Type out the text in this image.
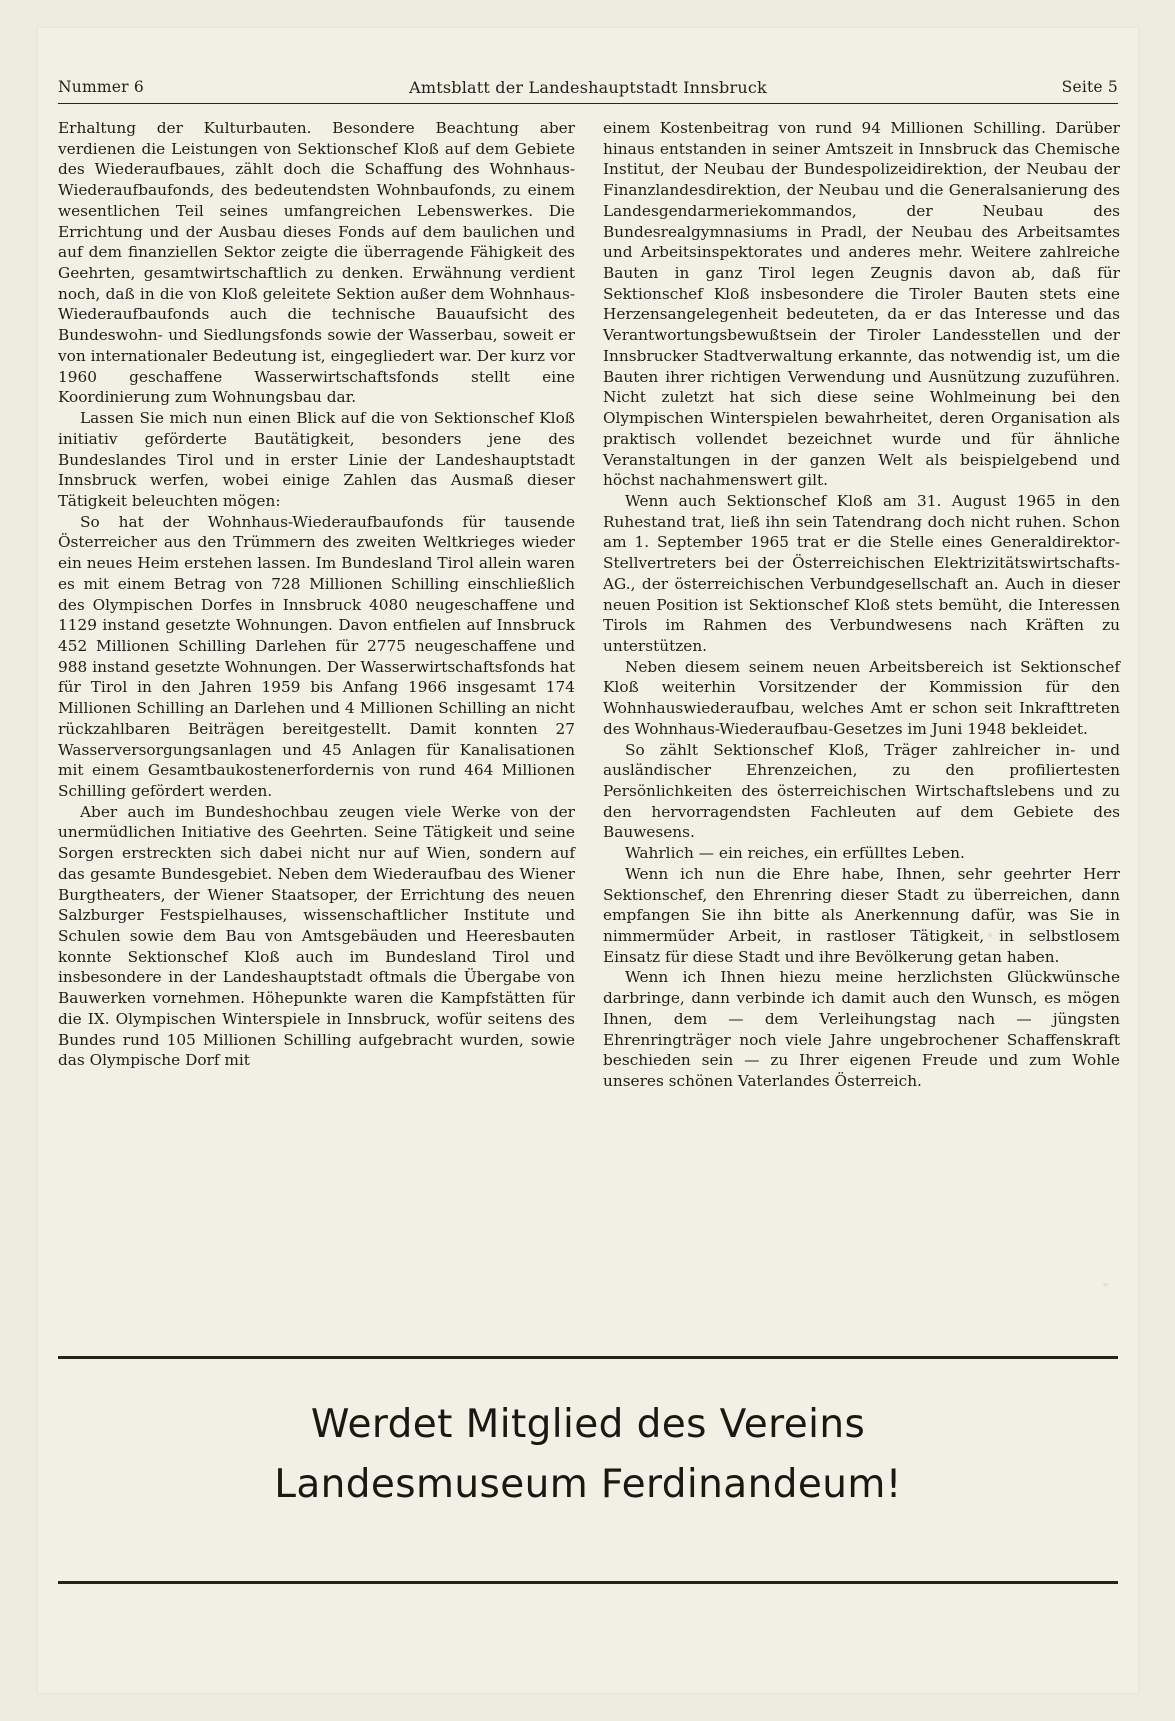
Nummer 6	Amtsblatt der Landeshauptstadt Innsbruck	Seite 5

Erhaltung der Kulturbauten. Besondere Beachtung aber verdienen die Leistungen von Sektionschef Kloß auf dem Gebiete des Wiederaufbaues, zählt doch die Schaffung des Wohnhaus-Wiederaufbaufonds, des bedeutendsten Wohnbaufonds, zu einem wesentlichen Teil seines umfangreichen Lebenswerkes. Die Errichtung und der Ausbau dieses Fonds auf dem baulichen und auf dem finanziellen Sektor zeigte die überragende Fähigkeit des Geehrten, gesamtwirtschaftlich zu denken. Erwähnung verdient noch, daß in die von Kloß geleitete Sektion außer dem Wohnhaus-Wiederaufbaufonds auch die technische Bauaufsicht des Bundeswohn- und Siedlungsfonds sowie der Wasserbau, soweit er von internationaler Bedeutung ist, eingegliedert war. Der kurz vor 1960 geschaffene Wasserwirtschaftsfonds stellt eine Koordinierung zum Wohnungsbau dar.

Lassen Sie mich nun einen Blick auf die von Sektionschef Kloß initiativ geförderte Bautätigkeit, besonders jene des Bundeslandes Tirol und in erster Linie der Landeshauptstadt Innsbruck werfen, wobei einige Zahlen das Ausmaß dieser Tätigkeit beleuchten mögen:

So hat der Wohnhaus-Wiederaufbaufonds für tausende Österreicher aus den Trümmern des zweiten Weltkrieges wieder ein neues Heim erstehen lassen. Im Bundesland Tirol allein waren es mit einem Betrag von 728 Millionen Schilling einschließlich des Olympischen Dorfes in Innsbruck 4080 neugeschaffene und 1129 instand gesetzte Wohnungen. Davon entfielen auf Innsbruck 452 Millionen Schilling Darlehen für 2775 neugeschaffene und 988 instand gesetzte Wohnungen. Der Wasserwirtschaftsfonds hat für Tirol in den Jahren 1959 bis Anfang 1966 insgesamt 174 Millionen Schilling an Darlehen und 4 Millionen Schilling an nicht rückzahlbaren Beiträgen bereitgestellt. Damit konnten 27 Wasserversorgungsanlagen und 45 Anlagen für Kanalisationen mit einem Gesamtbaukostenerfordernis von rund 464 Millionen Schilling gefördert werden.

Aber auch im Bundeshochbau zeugen viele Werke von der unermüdlichen Initiative des Geehrten. Seine Tätigkeit und seine Sorgen erstreckten sich dabei nicht nur auf Wien, sondern auf das gesamte Bundesgebiet. Neben dem Wiederaufbau des Wiener Burgtheaters, der Wiener Staatsoper, der Errichtung des neuen Salzburger Festspielhauses, wissenschaftlicher Institute und Schulen sowie dem Bau von Amtsgebäuden und Heeresbauten konnte Sektionschef Kloß auch im Bundesland Tirol und insbesondere in der Landeshauptstadt oftmals die Übergabe von Bauwerken vornehmen. Höhepunkte waren die Kampfstätten für die IX. Olympischen Winterspiele in Innsbruck, wofür seitens des Bundes rund 105 Millionen Schilling aufgebracht wurden, sowie das Olympische Dorf mit

einem Kostenbeitrag von rund 94 Millionen Schilling. Darüber hinaus entstanden in seiner Amtszeit in Innsbruck das Chemische Institut, der Neubau der Bundespolizeidirektion, der Neubau der Finanzlandesdirektion, der Neubau und die Generalsanierung des Landesgendarmeriekommandos, der Neubau des Bundesrealgymnasiums in Pradl, der Neubau des Arbeitsamtes und Arbeitsinspektorates und anderes mehr. Weitere zahlreiche Bauten in ganz Tirol legen Zeugnis davon ab, daß für Sektionschef Kloß insbesondere die Tiroler Bauten stets eine Herzensangelegenheit bedeuteten, da er das Interesse und das Verantwortungsbewußtsein der Tiroler Landesstellen und der Innsbrucker Stadtverwaltung erkannte, das notwendig ist, um die Bauten ihrer richtigen Verwendung und Ausnützung zuzuführen. Nicht zuletzt hat sich diese seine Wohlmeinung bei den Olympischen Winterspielen bewahrheitet, deren Organisation als praktisch vollendet bezeichnet wurde und für ähnliche Veranstaltungen in der ganzen Welt als beispielgebend und höchst nachahmenswert gilt.

Wenn auch Sektionschef Kloß am 31. August 1965 in den Ruhestand trat, ließ ihn sein Tatendrang doch nicht ruhen. Schon am 1. September 1965 trat er die Stelle eines Generaldirektor-Stellvertreters bei der Österreichischen Elektrizitätswirtschafts-AG., der österreichischen Verbundgesellschaft an. Auch in dieser neuen Position ist Sektionschef Kloß stets bemüht, die Interessen Tirols im Rahmen des Verbundwesens nach Kräften zu unterstützen.

Neben diesem seinem neuen Arbeitsbereich ist Sektionschef Kloß weiterhin Vorsitzender der Kommission für den Wohnhauswiederaufbau, welches Amt er schon seit Inkrafttreten des Wohnhaus-Wiederaufbau-Gesetzes im Juni 1948 bekleidet.

So zählt Sektionschef Kloß, Träger zahlreicher in- und ausländischer Ehrenzeichen, zu den profiliertesten Persönlichkeiten des österreichischen Wirtschaftslebens und zu den hervorragendsten Fachleuten auf dem Gebiete des Bauwesens.

Wahrlich — ein reiches, ein erfülltes Leben.

Wenn ich nun die Ehre habe, Ihnen, sehr geehrter Herr Sektionschef, den Ehrenring dieser Stadt zu überreichen, dann empfangen Sie ihn bitte als Anerkennung dafür, was Sie in nimmermüder Arbeit, in rastloser Tätigkeit, in selbstlosem Einsatz für diese Stadt und ihre Bevölkerung getan haben.

Wenn ich Ihnen hiezu meine herzlichsten Glückwünsche darbringe, dann verbinde ich damit auch den Wunsch, es mögen Ihnen, dem — dem Verleihungstag nach — jüngsten Ehrenringträger noch viele Jahre ungebrochener Schaffenskraft beschieden sein — zu Ihrer eigenen Freude und zum Wohle unseres schönen Vaterlandes Österreich.

Werdet Mitglied des Vereins
Landesmuseum Ferdinandeum!
